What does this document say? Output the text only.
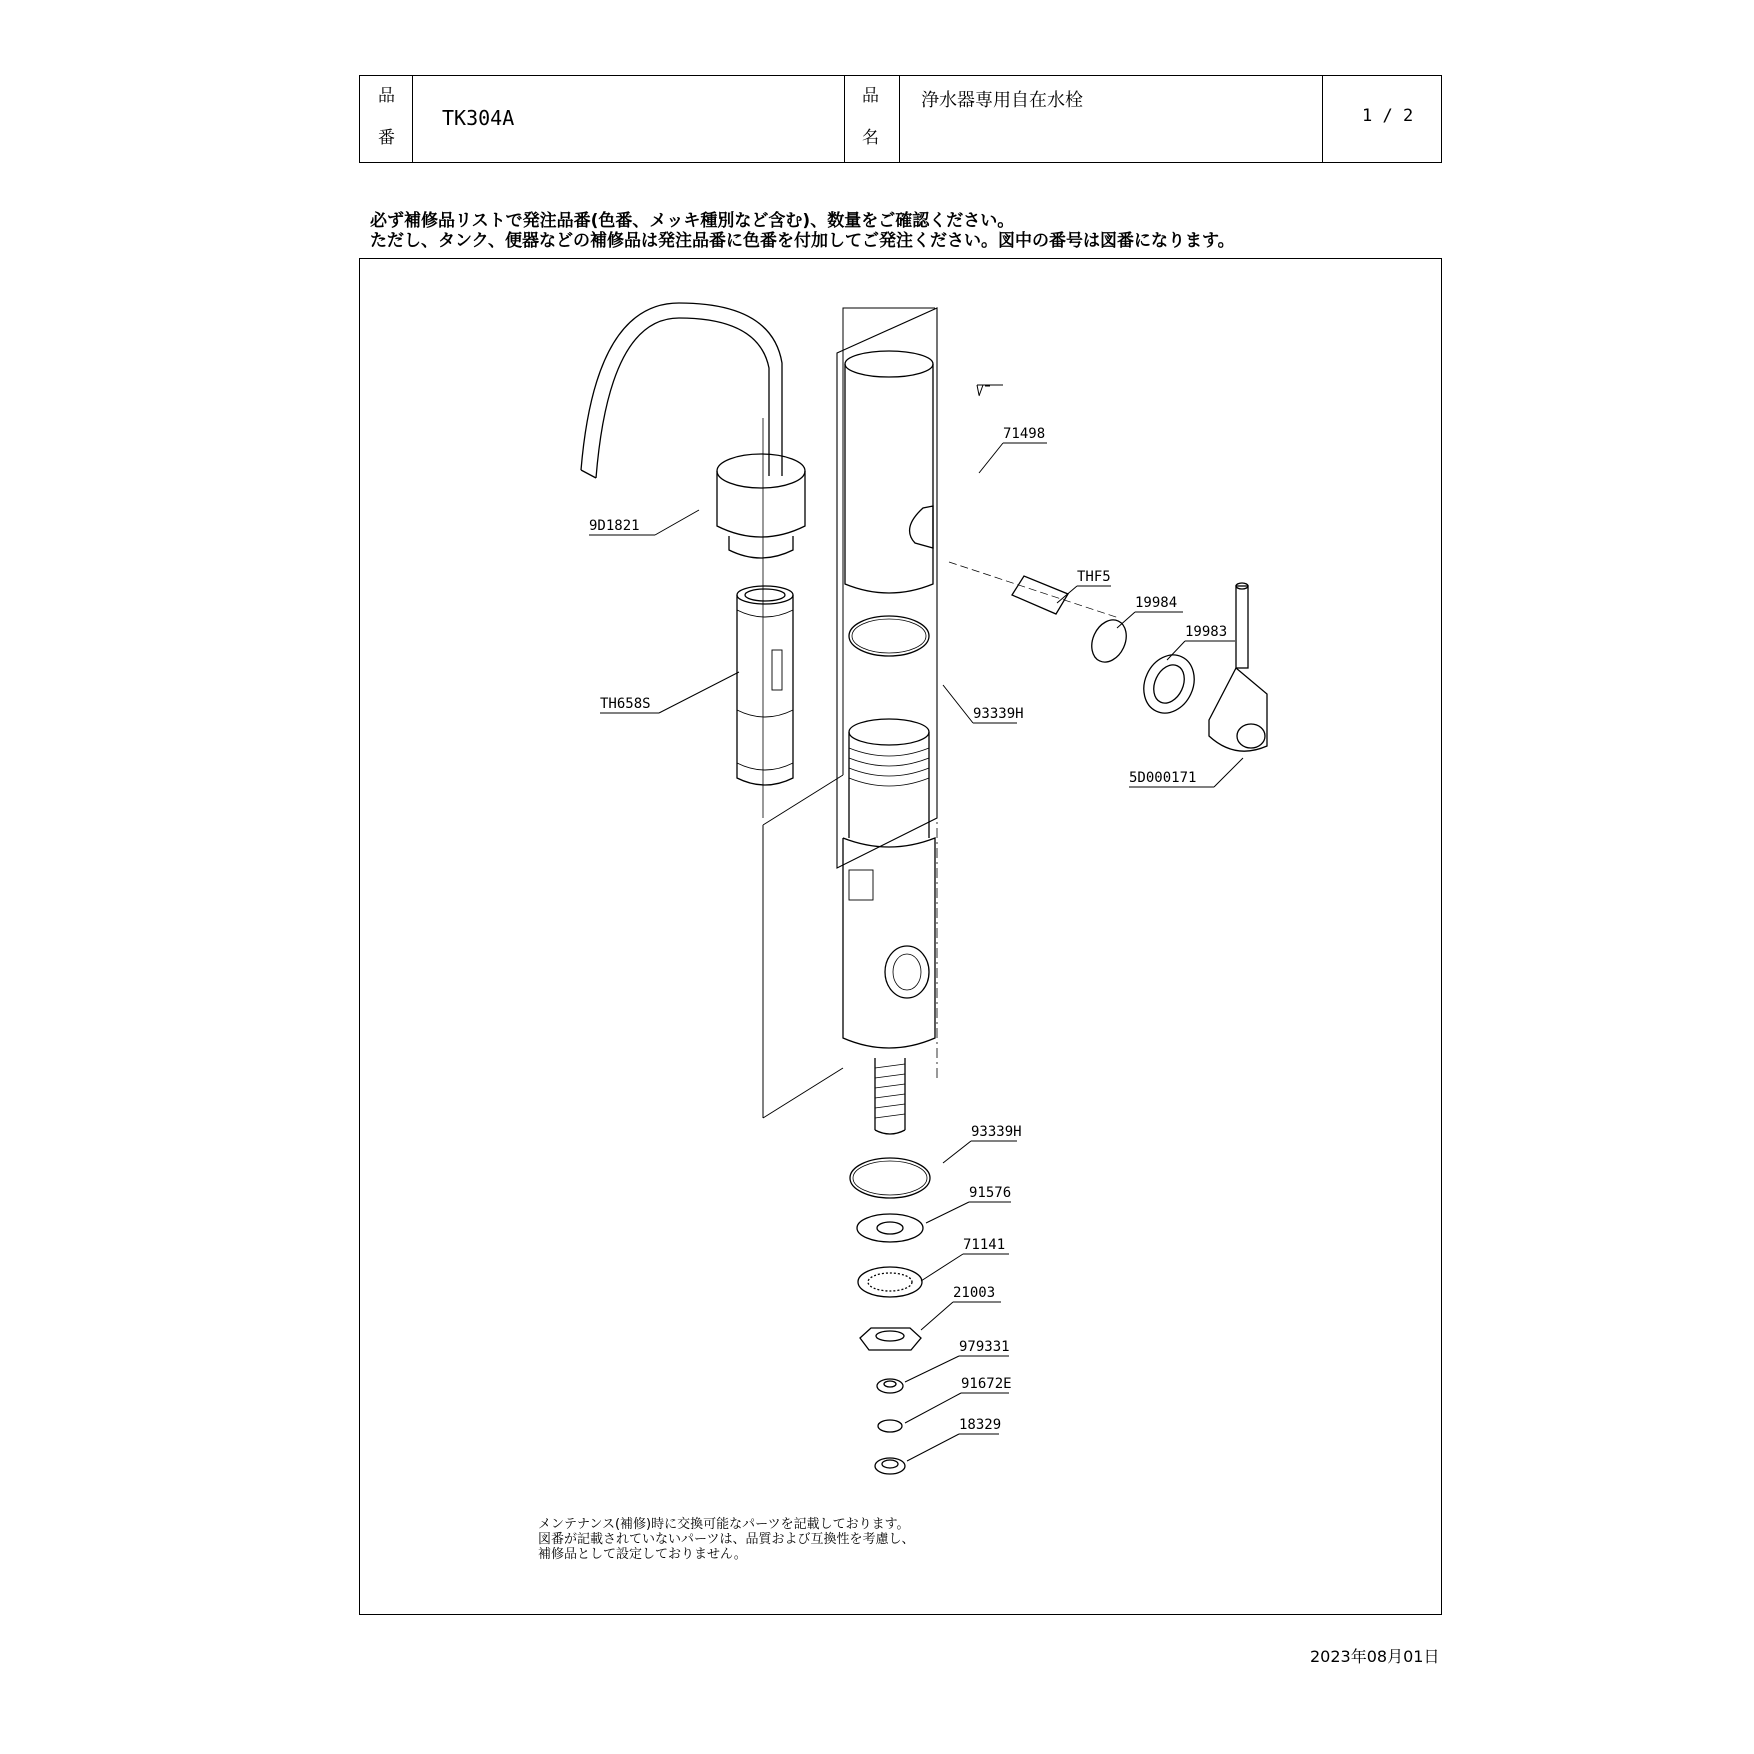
品
番
TK304A
品
名
浄水器専用自在水栓
1 / 2
必ず補修品リストで発注品番(色番、メッキ種別など含む)、数量をご確認ください。
ただし、タンク、便器などの補修品は発注品番に色番を付加してご発注ください。図中の番号は図番になります。
71498
9D1821
THF5
19984
19983
TH658S
93339H
5D000171
93339H
91576
71141
21003
979331
91672E
18329
メンテナンス(補修)時に交換可能なパーツを記載しております。
図番が記載されていないパーツは、品質および互換性を考慮し、
補修品として設定しておりません。
2023年08月01日
